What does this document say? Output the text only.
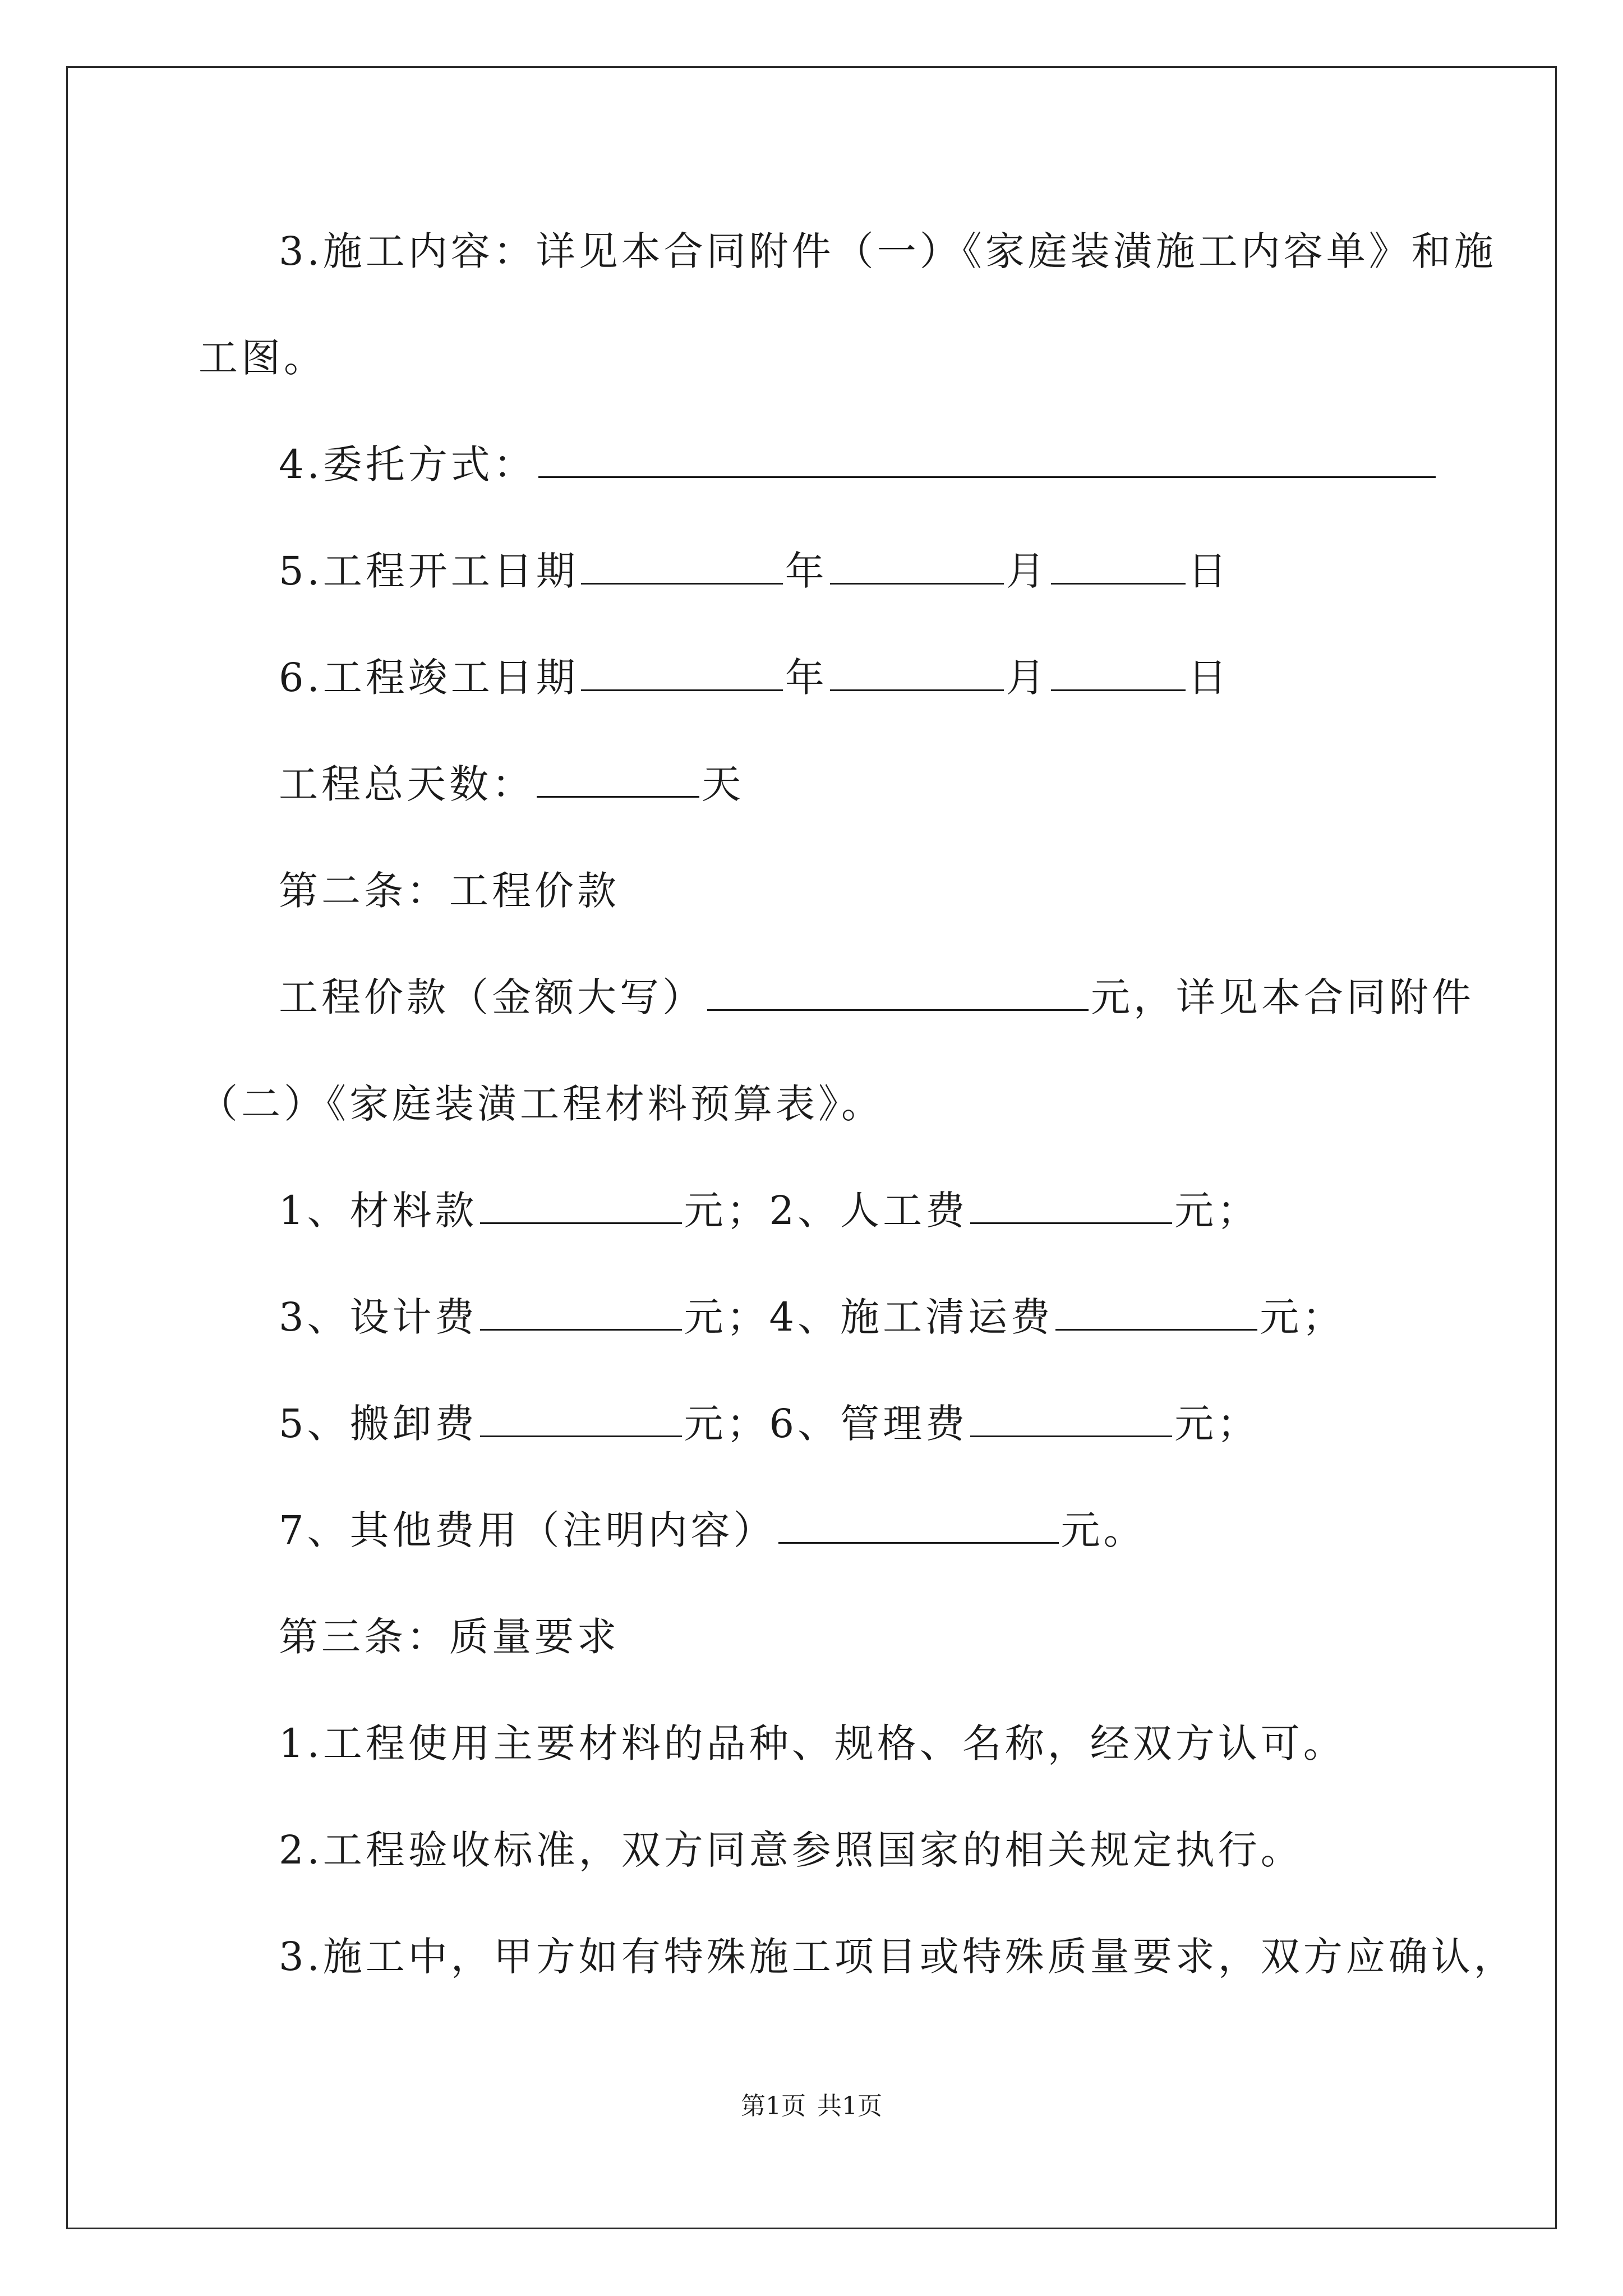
3.施工内容：详见本合同附件（一）《家庭装潢施工内容单》和施
工图。
4.委托方式：
5.工程开工日期	年	月	日
6.工程竣工日期	年	月	日
工程总天数：	天
第二条：工程价款
工程价款（金额大写）	元，详见本合同附件
（二）《家庭装潢工程材料预算表》。
1、材料款	元；2、人工费	元；
3、设计费	元；4、施工清运费	元；
5、搬卸费	元；6、管理费	元；
7、其他费用（注明内容）	元。
第三条：质量要求
1.工程使用主要材料的品种、规格、名称，经双方认可。
2.工程验收标准，双方同意参照国家的相关规定执行。
3.施工中，甲方如有特殊施工项目或特殊质量要求，双方应确认，
第1页 共1页
